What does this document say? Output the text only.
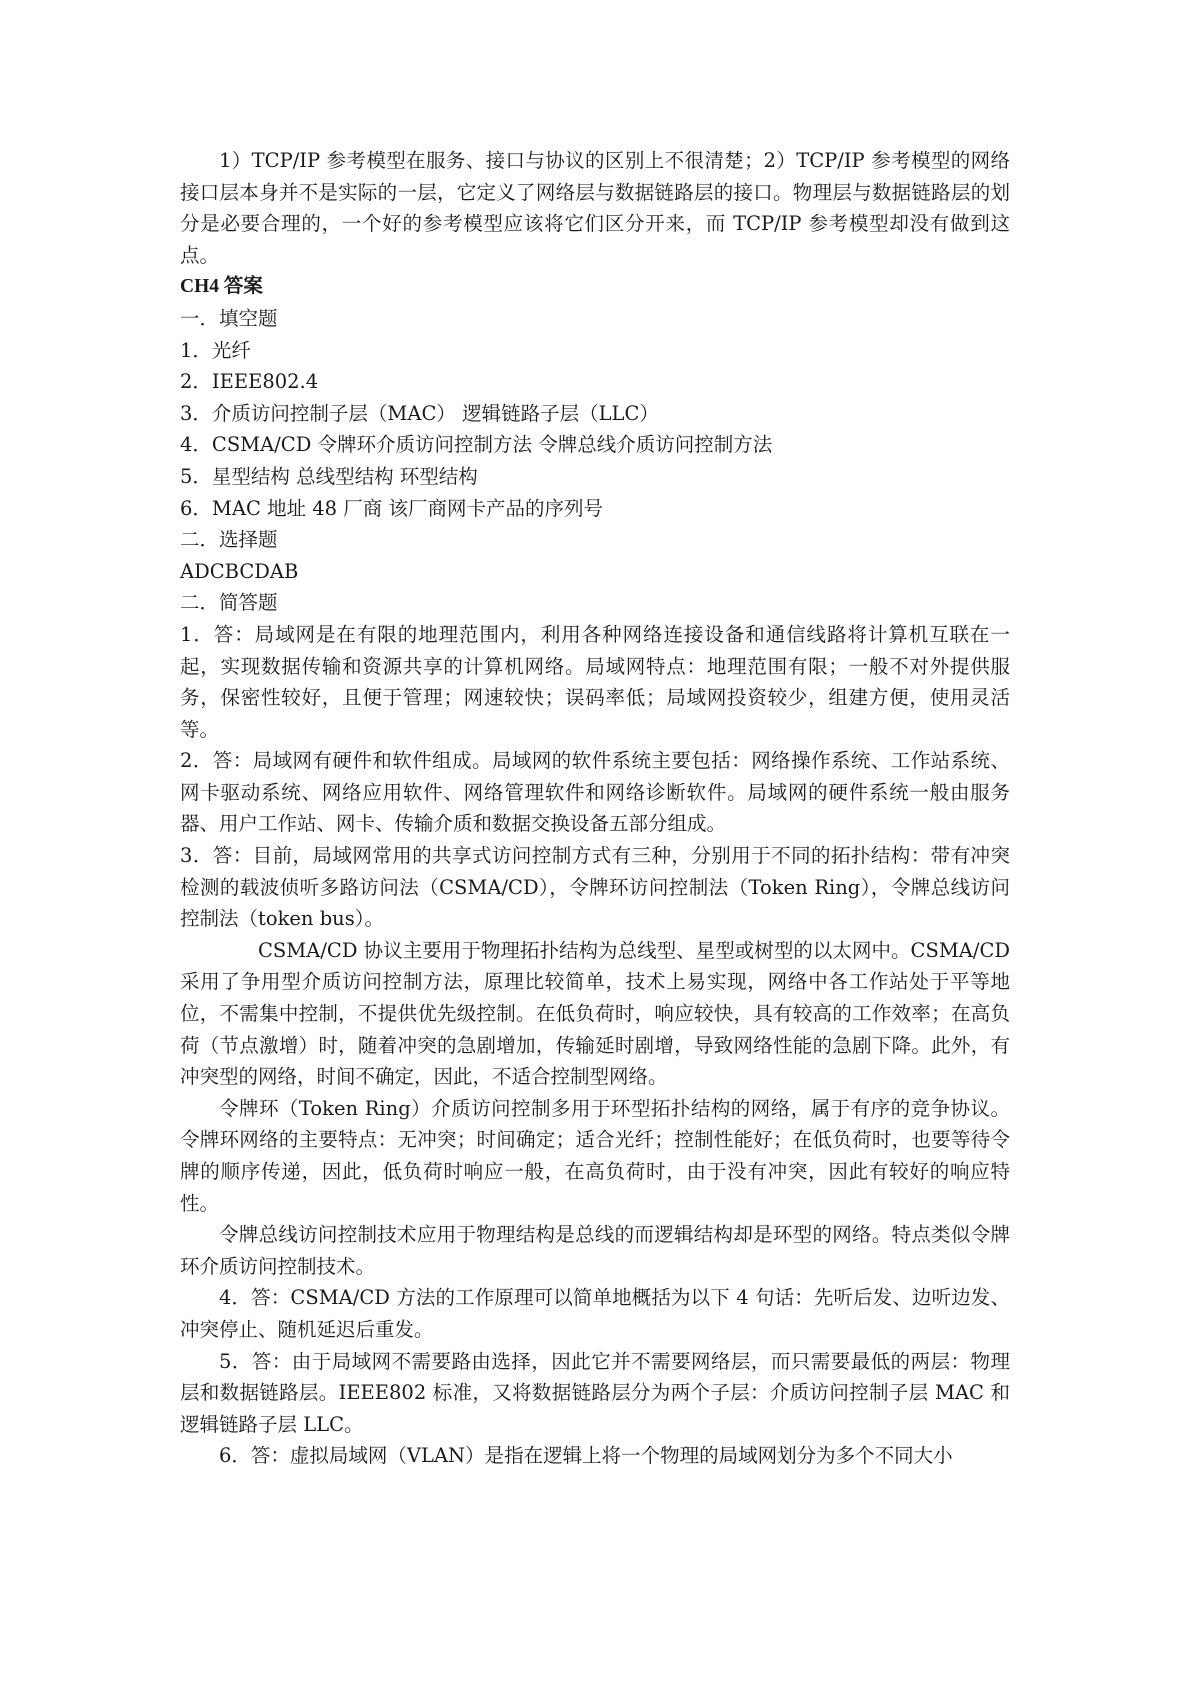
1）TCP/IP 参考模型在服务、接口与协议的区别上不很清楚；2）TCP/IP 参考模型的网络接口层本身并不是实际的一层，它定义了网络层与数据链路层的接口。物理层与数据链路层的划分是必要合理的，一个好的参考模型应该将它们区分开来，而 TCP/IP 参考模型却没有做到这点。

CH4 答案

一．填空题

1．光纤

2．IEEE802.4

3．介质访问控制子层（MAC） 逻辑链路子层（LLC）

4．CSMA/CD 令牌环介质访问控制方法 令牌总线介质访问控制方法

5．星型结构 总线型结构 环型结构

6．MAC 地址 48 厂商 该厂商网卡产品的序列号

二．选择题

ADCBCDAB

二．简答题

1．答：局域网是在有限的地理范围内，利用各种网络连接设备和通信线路将计算机互联在一起，实现数据传输和资源共享的计算机网络。局域网特点：地理范围有限；一般不对外提供服务，保密性较好，且便于管理；网速较快；误码率低；局域网投资较少，组建方便，使用灵活等。

2．答：局域网有硬件和软件组成。局域网的软件系统主要包括：网络操作系统、工作站系统、网卡驱动系统、网络应用软件、网络管理软件和网络诊断软件。局域网的硬件系统一般由服务器、用户工作站、网卡、传输介质和数据交换设备五部分组成。

3．答：目前，局域网常用的共享式访问控制方式有三种，分别用于不同的拓扑结构：带有冲突检测的载波侦听多路访问法（CSMA/CD），令牌环访问控制法（Token Ring），令牌总线访问控制法（token bus）。

CSMA/CD 协议主要用于物理拓扑结构为总线型、星型或树型的以太网中。CSMA/CD 采用了争用型介质访问控制方法，原理比较简单，技术上易实现，网络中各工作站处于平等地位，不需集中控制，不提供优先级控制。在低负荷时，响应较快，具有较高的工作效率；在高负荷（节点激增）时，随着冲突的急剧增加，传输延时剧增，导致网络性能的急剧下降。此外，有冲突型的网络，时间不确定，因此，不适合控制型网络。

令牌环（Token Ring）介质访问控制多用于环型拓扑结构的网络，属于有序的竞争协议。令牌环网络的主要特点：无冲突；时间确定；适合光纤；控制性能好；在低负荷时，也要等待令牌的顺序传递，因此，低负荷时响应一般，在高负荷时，由于没有冲突，因此有较好的响应特性。

令牌总线访问控制技术应用于物理结构是总线的而逻辑结构却是环型的网络。特点类似令牌环介质访问控制技术。

4．答：CSMA/CD 方法的工作原理可以简单地概括为以下 4 句话：先听后发、边听边发、冲突停止、随机延迟后重发。

5．答：由于局域网不需要路由选择，因此它并不需要网络层，而只需要最低的两层：物理层和数据链路层。IEEE802 标准，又将数据链路层分为两个子层：介质访问控制子层 MAC 和逻辑链路子层 LLC。

6．答：虚拟局域网（VLAN）是指在逻辑上将一个物理的局域网划分为多个不同大小
